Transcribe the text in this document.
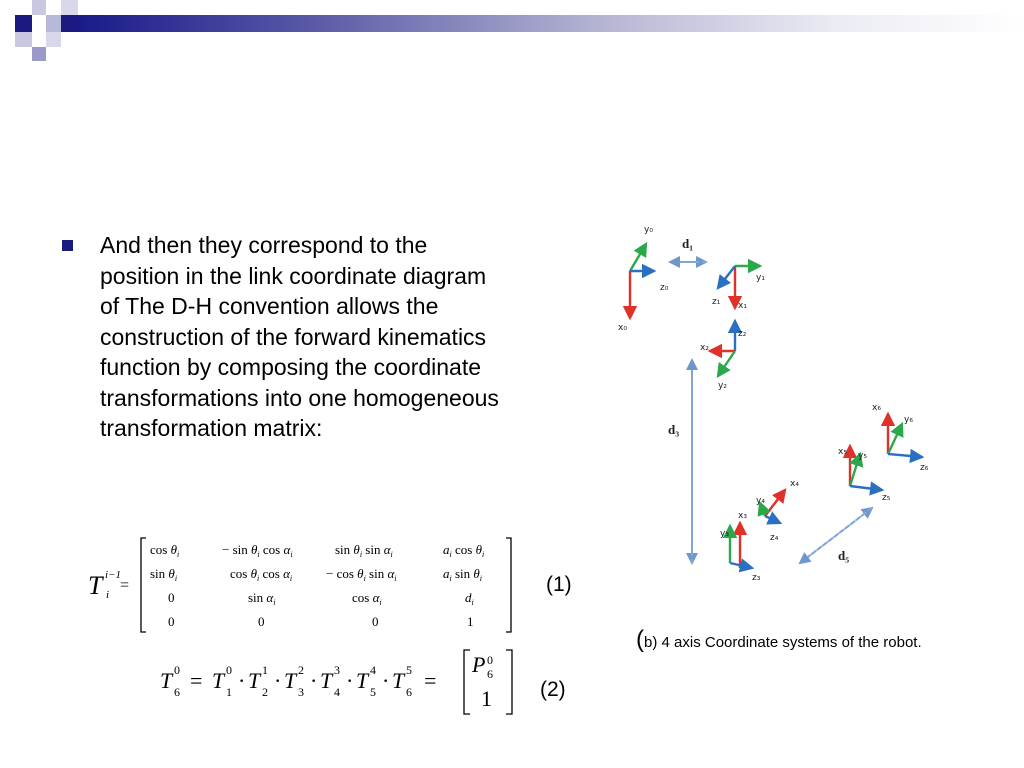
And then they correspond to the position in the link coordinate diagram of The D-H convention allows the construction of the forward kinematics function by composing the coordinate transformations into one homogeneous transformation matrix:
T i−1
i
=
$\cos \theta_i$	− $\sin \theta_i$ $\cos \alpha_i$	$\sin \theta_i$ $\sin \alpha_i$	$a_i$ $\cos \theta_i$
$\sin \theta_i$	$\cos \theta_i$ $\cos \alpha_i$	− $\cos \theta_i$ $\sin \alpha_i$	$a_i$ $\sin \theta_i$
0	$\sin \alpha_i$	$\cos \alpha_i$	$d_i$
0	0	0	1
(1)
T 0
6 = T 0
1 · T 1
2 · T 2
3 · T 3
4 · T 4
5 · T 5
6 =
P 0
6
1 (2)
y₀
z₀
x₀
y₁
z₁ x₁
z₂
x₂
y₂
y₃
x₃
z₃
y₄
x₄
z₄
x₅ y₅
z₅
x₆
y₆
z₆
d₁
d₃
d₅
(b) 4 axis Coordinate systems of the robot.
